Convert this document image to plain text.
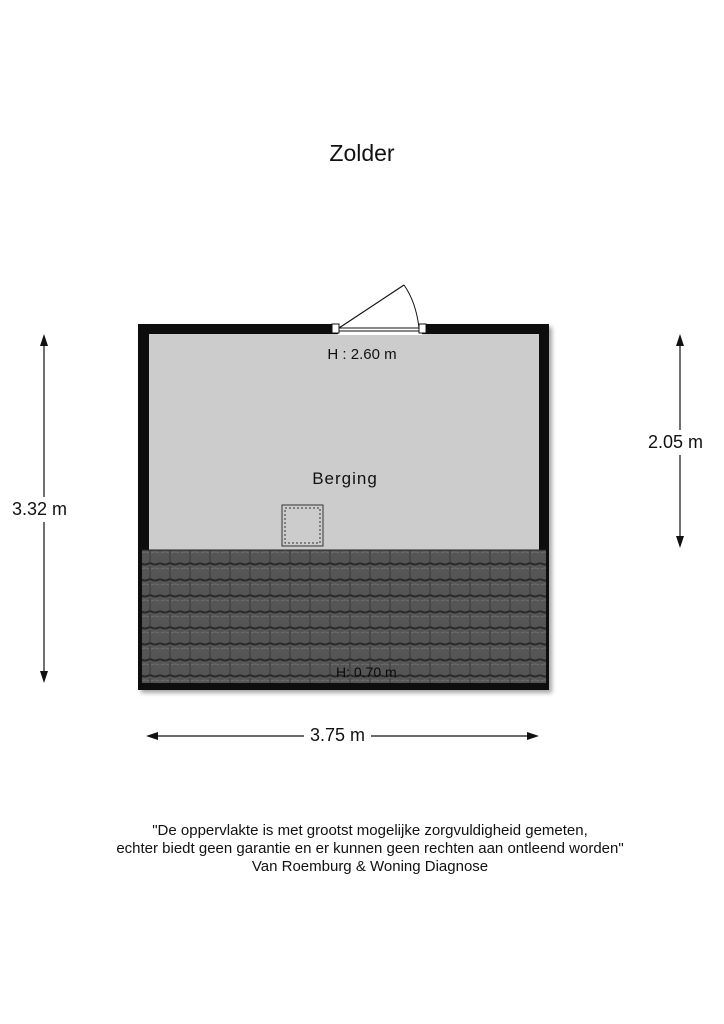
Zolder
H : 2.60 m
Berging
H: 0.70 m
3.32 m
2.05 m
3.75 m
"De oppervlakte is met grootst mogelijke zorgvuldigheid gemeten,
echter biedt geen garantie en er kunnen geen rechten aan ontleend worden"
Van Roemburg & Woning Diagnose
